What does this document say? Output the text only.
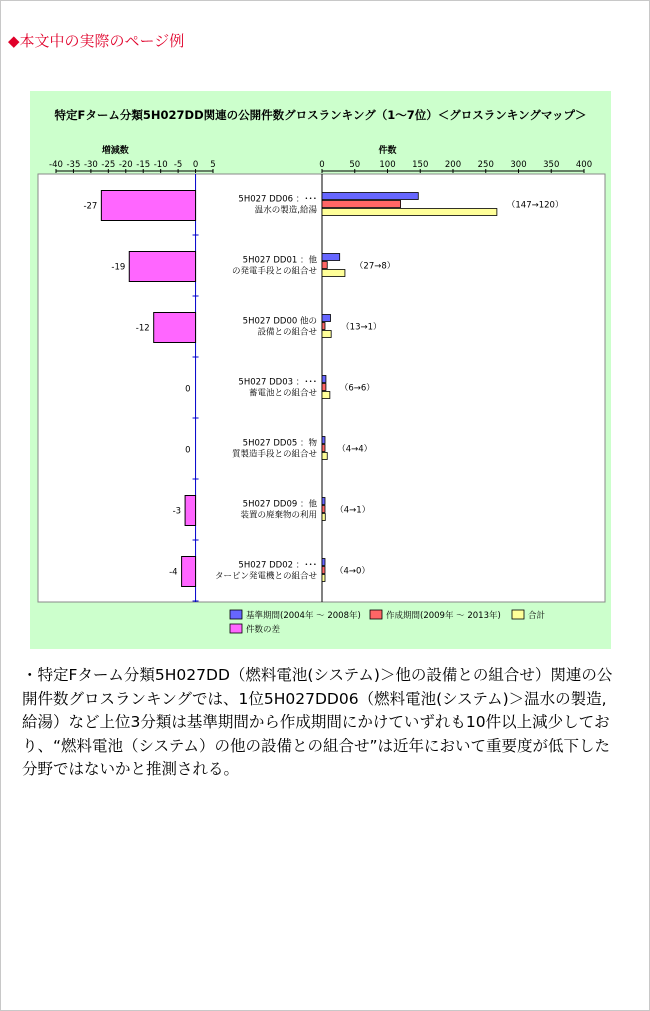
◆本文中の実際のページ例
特定Fターム分類5H027DD関連の公開件数グロスランキング（1～7位）＜グロスランキングマップ＞
増減数	件数
-40 -35 -30 -25 -20 -15 -10 -5 0 5	0	50 100 150 200 250 300 350 400
-27
5H027 DD06 ：･･･
温水の製造,給湯	（147→120）
-19
5H027 DD01 ：他
の発電手段との組合せ	（27→8）
-12
5H027 DD00 他の
設備との組合せ	（13→1）
0
5H027 DD03 ：･･･
蓄電池との組合せ	（6→6）
0
5H027 DD05 ：物
質製造手段との組合せ （4→4）
-3
5H027 DD09 ：他
装置の廃棄物の利用 （4→1）
-4
5H027 DD02 ：･･･
タービン発電機との組合せ （4→0）
基準期間(2004年 ～ 2008年)	作成期間(2009年 ～ 2013年)	合計
件数の差
・特定Fターム分類5H027DD（燃料電池(システム)＞他の設備との組合せ）関連の公開件数グロスランキングでは、1位5H027DD06（燃料電池(システム)＞温水の製造,給湯）など上位3分類は基準期間から作成期間にかけていずれも10件以上減少しており、“燃料電池（システム）の他の設備との組合せ”は近年において重要度が低下した分野ではないかと推測される。
